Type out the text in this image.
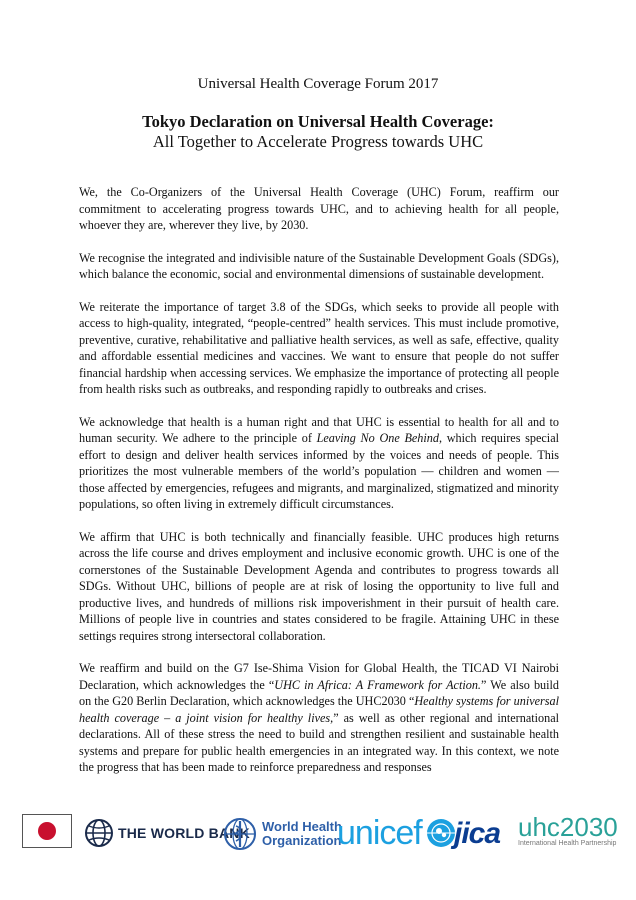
Universal Health Coverage Forum 2017
Tokyo Declaration on Universal Health Coverage:
All Together to Accelerate Progress towards UHC

We, the Co-Organizers of the Universal Health Coverage (UHC) Forum, reaffirm our commitment to accelerating progress towards UHC, and to achieving health for all people, whoever they are, wherever they live, by 2030.

We recognise the integrated and indivisible nature of the Sustainable Development Goals (SDGs), which balance the economic, social and environmental dimensions of sustainable development.

We reiterate the importance of target 3.8 of the SDGs, which seeks to provide all people with access to high-quality, integrated, “people-centred” health services. This must include promotive, preventive, curative, rehabilitative and palliative health services, as well as safe, effective, quality and affordable essential medicines and vaccines. We want to ensure that people do not suffer financial hardship when accessing services. We emphasize the importance of protecting all people from health risks such as outbreaks, and responding rapidly to outbreaks and crises.

We acknowledge that health is a human right and that UHC is essential to health for all and to human security. We adhere to the principle of Leaving No One Behind, which requires special effort to design and deliver health services informed by the voices and needs of people. This prioritizes the most vulnerable members of the world’s population — children and women — those affected by emergencies, refugees and migrants, and marginalized, stigmatized and minority populations, so often living in extremely difficult circumstances.

We affirm that UHC is both technically and financially feasible. UHC produces high returns across the life course and drives employment and inclusive economic growth. UHC is one of the cornerstones of the Sustainable Development Agenda and contributes to progress towards all SDGs. Without UHC, billions of people are at risk of losing the opportunity to live full and productive lives, and hundreds of millions risk impoverishment in their pursuit of health care. Millions of people live in countries and states considered to be fragile. Attaining UHC in these settings requires strong intersectoral collaboration.

We reaffirm and build on the G7 Ise-Shima Vision for Global Health, the TICAD VI Nairobi Declaration, which acknowledges the “UHC in Africa: A Framework for Action.” We also build on the G20 Berlin Declaration, which acknowledges the UHC2030 “Healthy systems for universal health coverage – a joint vision for healthy lives,” as well as other regional and international declarations. All of these stress the need to build and strengthen resilient and sustainable health systems and prepare for public health emergencies in an integrated way. In this context, we note the progress that has been made to reinforce preparedness and responses

THE WORLD BANK World Health
Organization
unicef jica uhc2030
International Health Partnership
